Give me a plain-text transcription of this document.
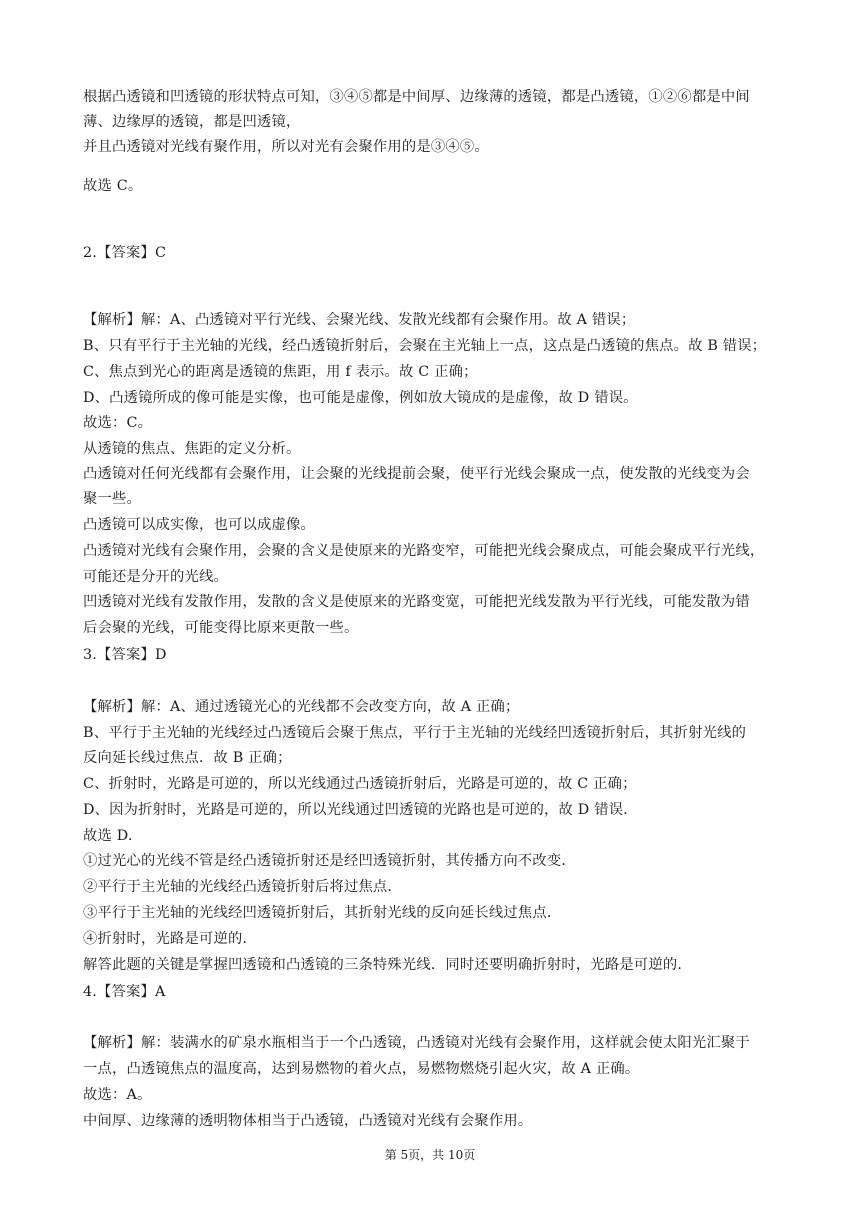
根据凸透镜和凹透镜的形状特点可知，③④⑤都是中间厚、边缘薄的透镜，都是凸透镜，①②⑥都是中间
薄、边缘厚的透镜，都是凹透镜，
并且凸透镜对光线有聚作用，所以对光有会聚作用的是③④⑤。
故选 C。
2.【答案】C
【解析】解：A、凸透镜对平行光线、会聚光线、发散光线都有会聚作用。故 A 错误；
B、只有平行于主光轴的光线，经凸透镜折射后，会聚在主光轴上一点，这点是凸透镜的焦点。故 B 错误；
C、焦点到光心的距离是透镜的焦距，用 f 表示。故 C 正确；
D、凸透镜所成的像可能是实像，也可能是虚像，例如放大镜成的是虚像，故 D 错误。
故选：C。
从透镜的焦点、焦距的定义分析。
凸透镜对任何光线都有会聚作用，让会聚的光线提前会聚，使平行光线会聚成一点，使发散的光线变为会
聚一些。
凸透镜可以成实像，也可以成虚像。
凸透镜对光线有会聚作用，会聚的含义是使原来的光路变窄，可能把光线会聚成点，可能会聚成平行光线，
可能还是分开的光线。
凹透镜对光线有发散作用，发散的含义是使原来的光路变宽，可能把光线发散为平行光线，可能发散为错
后会聚的光线，可能变得比原来更散一些。
3.【答案】D
【解析】解：A、通过透镜光心的光线都不会改变方向，故 A 正确；
B、平行于主光轴的光线经过凸透镜后会聚于焦点，平行于主光轴的光线经凹透镜折射后，其折射光线的
反向延长线过焦点．故 B 正确；
C、折射时，光路是可逆的，所以光线通过凸透镜折射后，光路是可逆的，故 C 正确；
D、因为折射时，光路是可逆的，所以光线通过凹透镜的光路也是可逆的，故 D 错误．
故选 D.
①过光心的光线不管是经凸透镜折射还是经凹透镜折射，其传播方向不改变．
②平行于主光轴的光线经凸透镜折射后将过焦点．
③平行于主光轴的光线经凹透镜折射后，其折射光线的反向延长线过焦点．
④折射时，光路是可逆的．
解答此题的关键是掌握凹透镜和凸透镜的三条特殊光线．同时还要明确折射时，光路是可逆的．
4.【答案】A
【解析】解：装满水的矿泉水瓶相当于一个凸透镜，凸透镜对光线有会聚作用，这样就会使太阳光汇聚于
一点，凸透镜焦点的温度高，达到易燃物的着火点，易燃物燃烧引起火灾，故 A 正确。
故选：A。
中间厚、边缘薄的透明物体相当于凸透镜，凸透镜对光线有会聚作用。
第 5页，共 10页
